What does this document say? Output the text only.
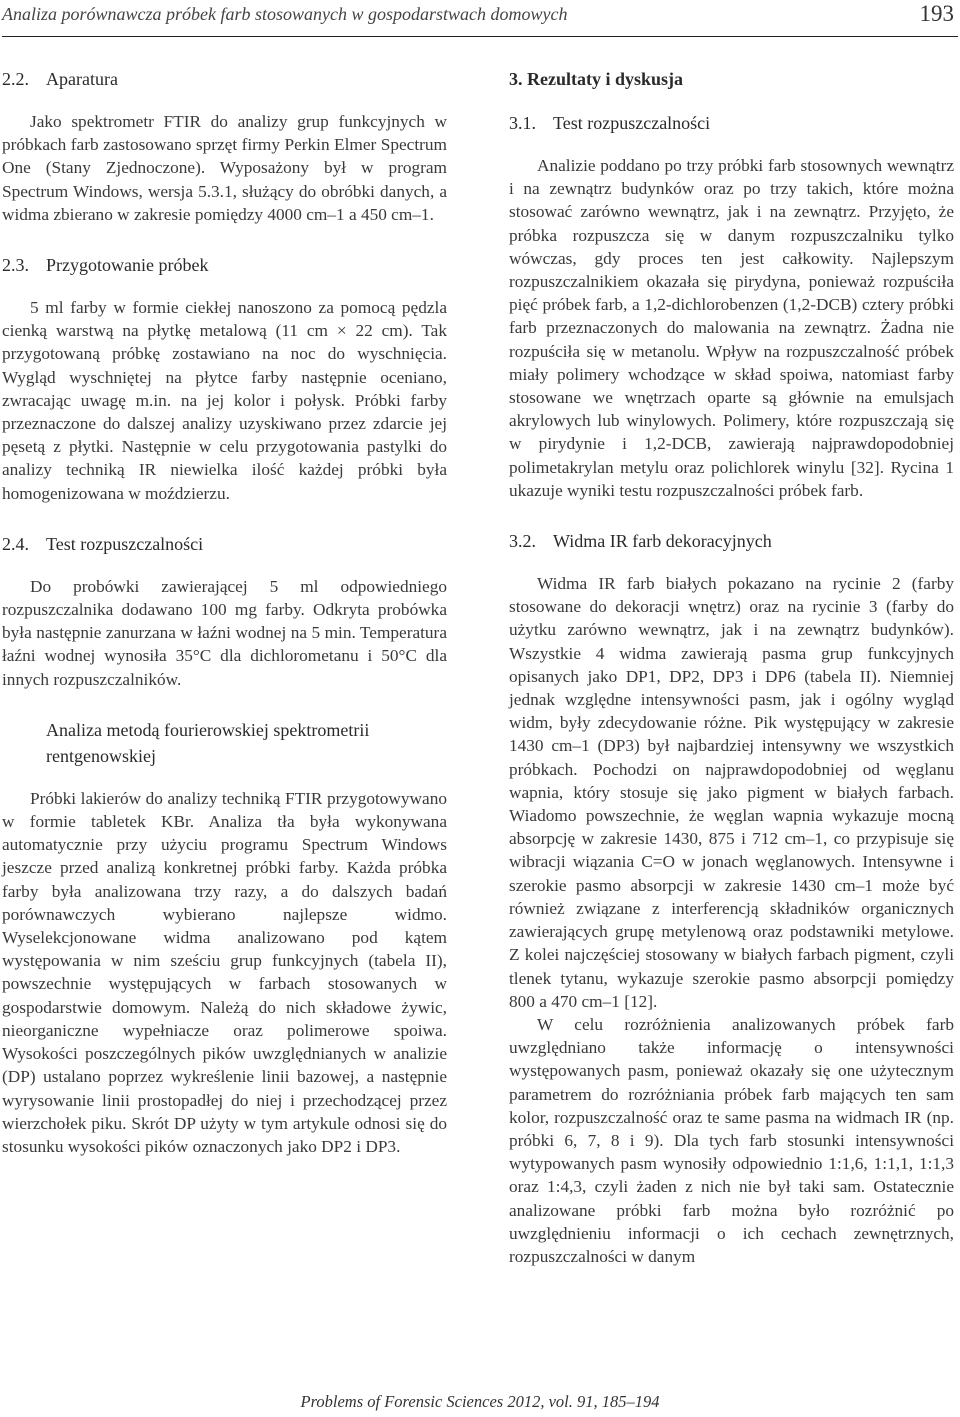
Analiza porównawcza próbek farb stosowanych w gospodarstwach domowych	193
2.2. Aparatura

Jako spektrometr FTIR do analizy grup funkcyjnych w próbkach farb zastosowano sprzęt firmy Perkin Elmer Spectrum One (Stany Zjednoczone). Wyposażony był w program Spectrum Windows, wersja 5.3.1, służący do obróbki danych, a widma zbierano w zakresie pomiędzy 4000 cm–1 a 450 cm–1.

2.3. Przygotowanie próbek

5 ml farby w formie ciekłej nanoszono za pomocą pędzla cienką warstwą na płytkę metalową (11 cm × 22 cm). Tak przygotowaną próbkę zostawiano na noc do wyschnięcia. Wygląd wyschniętej na płytce farby następnie oceniano, zwracając uwagę m.in. na jej kolor i połysk. Próbki farby przeznaczone do dalszej analizy uzyskiwano przez zdarcie jej pęsetą z płytki. Następnie w celu przygotowania pastylki do analizy techniką IR niewielka ilość każdej próbki była homogenizowana w moździerzu.

2.4. Test rozpuszczalności

Do probówki zawierającej 5 ml odpowiedniego rozpuszczalnika dodawano 100 mg farby. Odkryta probówka była następnie zanurzana w łaźni wodnej na 5 min. Temperatura łaźni wodnej wynosiła 35°C dla dichlorometanu i 50°C dla innych rozpuszczalników.

Analiza metodą fourierowskiej spektrometrii rentgenowskiej

Próbki lakierów do analizy techniką FTIR przygotowywano w formie tabletek KBr. Analiza tła była wykonywana automatycznie przy użyciu programu Spectrum Windows jeszcze przed analizą konkretnej próbki farby. Każda próbka farby była analizowana trzy razy, a do dalszych badań porównawczych wybierano najlepsze widmo. Wyselekcjonowane widma analizowano pod kątem występowania w nim sześciu grup funkcyjnych (tabela II), powszechnie występujących w farbach stosowanych w gospodarstwie domowym. Należą do nich składowe żywic, nieorganiczne wypełniacze oraz polimerowe spoiwa. Wysokości poszczególnych pików uwzględnianych w analizie (DP) ustalano poprzez wykreślenie linii bazowej, a następnie wyrysowanie linii prostopadłej do niej i przechodzącej przez wierzchołek piku. Skrót DP użyty w tym artykule odnosi się do stosunku wysokości pików oznaczonych jako DP2 i DP3.

3. Rezultaty i dyskusja
3.1. Test rozpuszczalności

Analizie poddano po trzy próbki farb stosownych wewnątrz i na zewnątrz budynków oraz po trzy takich, które można stosować zarówno wewnątrz, jak i na zewnątrz. Przyjęto, że próbka rozpuszcza się w danym rozpuszczalniku tylko wówczas, gdy proces ten jest całkowity. Najlepszym rozpuszczalnikiem okazała się pirydyna, ponieważ rozpuściła pięć próbek farb, a 1,2-dichlorobenzen (1,2-DCB) cztery próbki farb przeznaczonych do malowania na zewnątrz. Żadna nie rozpuściła się w metanolu. Wpływ na rozpuszczalność próbek miały polimery wchodzące w skład spoiwa, natomiast farby stosowane we wnętrzach oparte są głównie na emulsjach akrylowych lub winylowych. Polimery, które rozpuszczają się w pirydynie i 1,2-DCB, zawierają najprawdopodobniej polimetakrylan metylu oraz polichlorek winylu [32]. Rycina 1 ukazuje wyniki testu rozpuszczalności próbek farb.

3.2. Widma IR farb dekoracyjnych

Widma IR farb białych pokazano na rycinie 2 (farby stosowane do dekoracji wnętrz) oraz na rycinie 3 (farby do użytku zarówno wewnątrz, jak i na zewnątrz budynków). Wszystkie 4 widma zawierają pasma grup funkcyjnych opisanych jako DP1, DP2, DP3 i DP6 (tabela II). Niemniej jednak względne intensywności pasm, jak i ogólny wygląd widm, były zdecydowanie różne. Pik występujący w zakresie 1430 cm–1 (DP3) był najbardziej intensywny we wszystkich próbkach. Pochodzi on najprawdopodobniej od węglanu wapnia, który stosuje się jako pigment w białych farbach. Wiadomo powszechnie, że węglan wapnia wykazuje mocną absorpcję w zakresie 1430, 875 i 712 cm–1, co przypisuje się wibracji wiązania C=O w jonach węglanowych. Intensywne i szerokie pasmo absorpcji w zakresie 1430 cm–1 może być również związane z interferencją składników organicznych zawierających grupę metylenową oraz podstawniki metylowe. Z kolei najczęściej stosowany w białych farbach pigment, czyli tlenek tytanu, wykazuje szerokie pasmo absorpcji pomiędzy 800 a 470 cm–1 [12].

W celu rozróżnienia analizowanych próbek farb uwzględniano także informację o intensywności występowanych pasm, ponieważ okazały się one użytecznym parametrem do rozróżniania próbek farb mających ten sam kolor, rozpuszczalność oraz te same pasma na widmach IR (np. próbki 6, 7, 8 i 9). Dla tych farb stosunki intensywności wytypowanych pasm wynosiły odpowiednio 1:1,6, 1:1,1, 1:1,3 oraz 1:4,3, czyli żaden z nich nie był taki sam. Ostatecznie analizowane próbki farb można było rozróżnić po uwzględnieniu informacji o ich cechach zewnętrznych, rozpuszczalności w danym

Problems of Forensic Sciences 2012, vol. 91, 185–194
